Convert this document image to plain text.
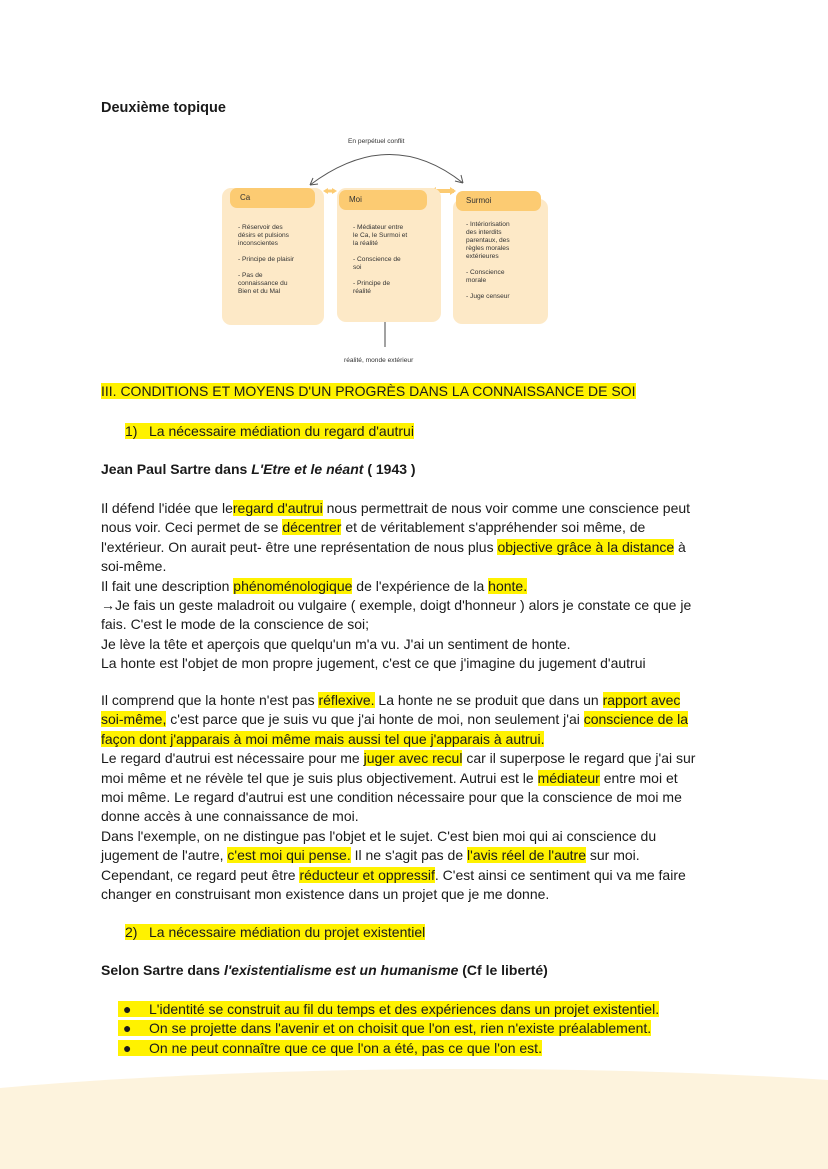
Deuxième topique
En perpétuel conflit
Ca
- Réservoir des
désirs et pulsions
inconscientes

- Principe de plaisir

- Pas de
connaissance du
Bien et du Mal
Moi
- Médiateur entre
le Ca, le Surmoi et
la réalité

- Conscience de
soi

- Principe de
réalité
Surmoi
- Intériorisation
des interdits
parentaux, des
règles morales
extérieures

- Conscience
morale

- Juge censeur
réalité, monde extérieur
III. CONDITIONS ET MOYENS D'UN PROGRÈS DANS LA CONNAISSANCE DE SOI
1) La nécessaire médiation du regard d'autrui
Jean Paul Sartre dans L'Etre et le néant ( 1943 )

Il défend l'idée que leregard d'autrui nous permettrait de nous voir comme une conscience peut

nous voir. Ceci permet de se décentrer et de véritablement s'appréhender soi même, de

l'extérieur. On aurait peut- être une représentation de nous plus objective grâce à la distance à

soi-même.

Il fait une description phénoménologique de l'expérience de la honte.

→Je fais un geste maladroit ou vulgaire ( exemple, doigt d'honneur ) alors je constate ce que je

fais. C'est le mode de la conscience de soi;

Je lève la tête et aperçois que quelqu'un m'a vu. J'ai un sentiment de honte.

La honte est l'objet de mon propre jugement, c'est ce que j'imagine du jugement d'autrui

Il comprend que la honte n'est pas réflexive. La honte ne se produit que dans un rapport avec

soi-même, c'est parce que je suis vu que j'ai honte de moi, non seulement j'ai conscience de la

façon dont j'apparais à moi même mais aussi tel que j'apparais à autrui.

Le regard d'autrui est nécessaire pour me juger avec recul car il superpose le regard que j'ai sur

moi même et ne révèle tel que je suis plus objectivement. Autrui est le médiateur entre moi et

moi même. Le regard d'autrui est une condition nécessaire pour que la conscience de moi me

donne accès à une connaissance de moi.

Dans l'exemple, on ne distingue pas l'objet et le sujet. C'est bien moi qui ai conscience du

jugement de l'autre, c'est moi qui pense. Il ne s'agit pas de l'avis réel de l'autre sur moi.

Cependant, ce regard peut être réducteur et oppressif. C'est ainsi ce sentiment qui va me faire

changer en construisant mon existence dans un projet que je me donne.

2) La nécessaire médiation du projet existentiel
Selon Sartre dans l'existentialisme est un humanisme (Cf le liberté)
● L'identité se construit au fil du temps et des expériences dans un projet existentiel.
● On se projette dans l'avenir et on choisit que l'on est, rien n'existe préalablement.
● On ne peut connaître que ce que l'on a été, pas ce que l'on est.
